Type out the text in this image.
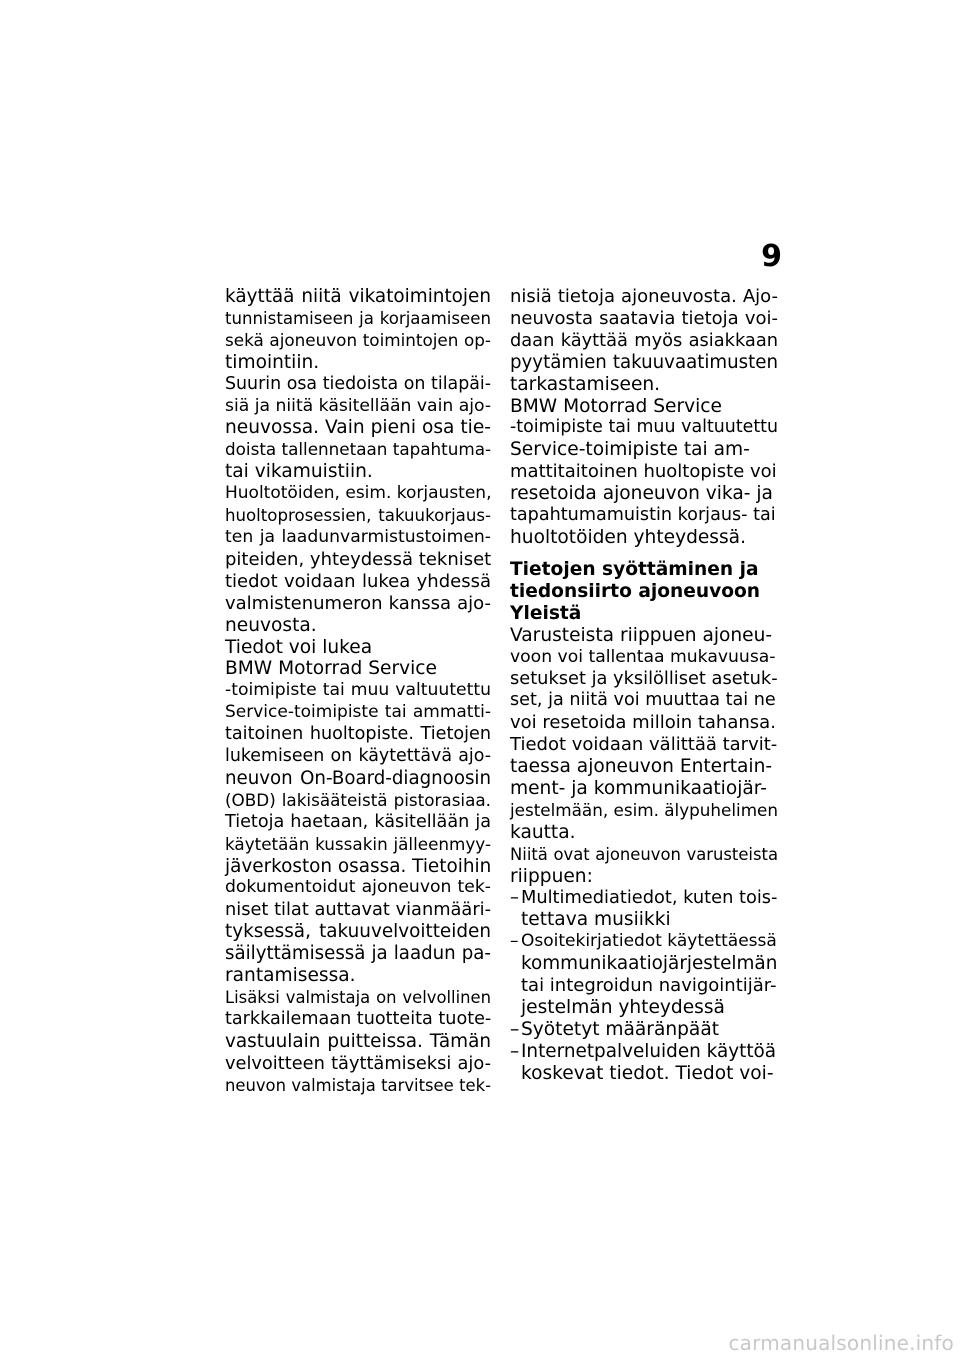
9
käyttää niitä vikatoimintojen
tunnistamiseen ja korjaamiseen
sekä ajoneuvon toimintojen op-
timointiin.
Suurin osa tiedoista on tilapäi-
siä ja niitä käsitellään vain ajo-
neuvossa. Vain pieni osa tie-
doista tallennetaan tapahtuma-
tai vikamuistiin.
Huoltotöiden, esim. korjausten,
huoltoprosessien, takuukorjaus-
ten ja laadunvarmistustoimen-
piteiden, yhteydessä tekniset
tiedot voidaan lukea yhdessä
valmistenumeron kanssa ajo-
neuvosta.
Tiedot voi lukea
BMW Motorrad Service
-toimipiste tai muu valtuutettu
Service-toimipiste tai ammatti-
taitoinen huoltopiste. Tietojen
lukemiseen on käytettävä ajo-
neuvon On-Board-diagnoosin
(OBD) lakisääteistä pistorasiaa.
Tietoja haetaan, käsitellään ja
käytetään kussakin jälleenmyy-
jäverkoston osassa. Tietoihin
dokumentoidut ajoneuvon tek-
niset tilat auttavat vianmääri-
tyksessä, takuuvelvoitteiden
säilyttämisessä ja laadun pa-
rantamisessa.
Lisäksi valmistaja on velvollinen
tarkkailemaan tuotteita tuote-
vastuulain puitteissa. Tämän
velvoitteen täyttämiseksi ajo-
neuvon valmistaja tarvitsee tek-
nisiä tietoja ajoneuvosta. Ajo-
neuvosta saatavia tietoja voi-
daan käyttää myös asiakkaan
pyytämien takuuvaatimusten
tarkastamiseen.
BMW Motorrad Service
-toimipiste tai muu valtuutettu
Service-toimipiste tai am-
mattitaitoinen huoltopiste voi
resetoida ajoneuvon vika- ja
tapahtumamuistin korjaus- tai
huoltotöiden yhteydessä.
Tietojen syöttäminen ja
tiedonsiirto ajoneuvoon
Yleistä
Varusteista riippuen ajoneu-
voon voi tallentaa mukavuusa-
setukset ja yksilölliset asetuk-
set, ja niitä voi muuttaa tai ne
voi resetoida milloin tahansa.
Tiedot voidaan välittää tarvit-
taessa ajoneuvon Entertain-
ment- ja kommunikaatiojär-
jestelmään, esim. älypuhelimen
kautta.
Niitä ovat ajoneuvon varusteista
riippuen:
– Multimediatiedot, kuten tois-
tettava musiikki
– Osoitekirjatiedot käytettäessä
kommunikaatiojärjestelmän
tai integroidun navigointijär-
jestelmän yhteydessä
–Syötetyt määränpäät
–Internetpalveluiden käyttöä
koskevat tiedot. Tiedot voi-
carmanualsonline.info
